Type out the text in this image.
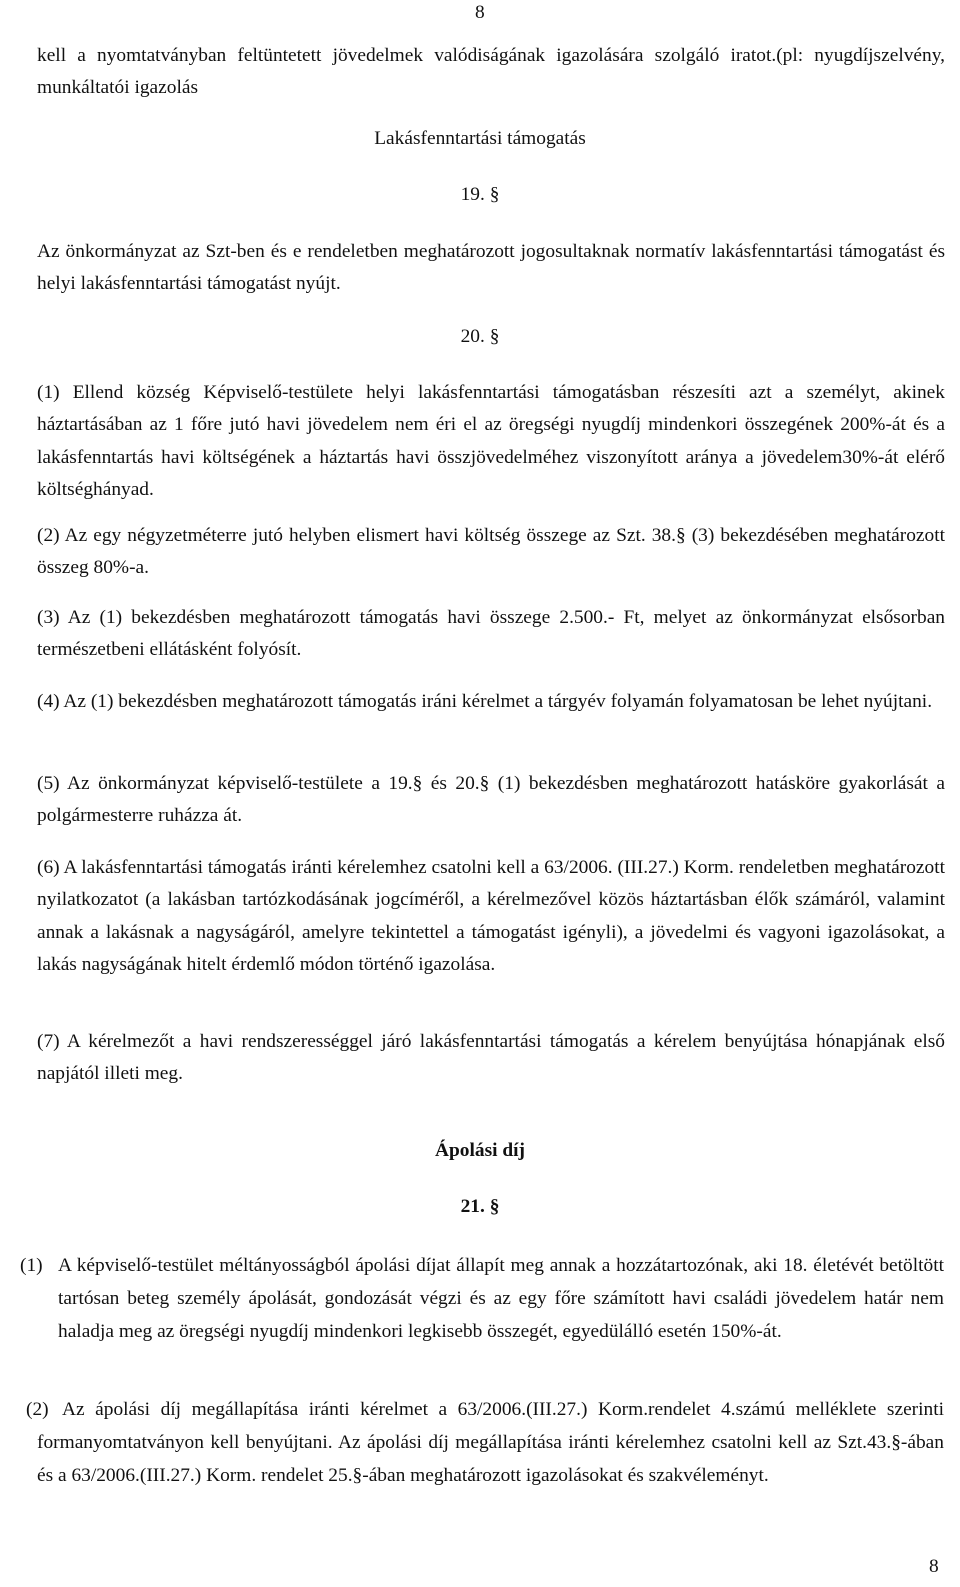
8
kell a nyomtatványban feltüntetett jövedelmek valódiságának igazolására szolgáló iratot.(pl: nyugdíjszelvény, munkáltatói igazolás
Lakásfenntartási támogatás
19. §
Az önkormányzat az Szt-ben és e rendeletben meghatározott jogosultaknak normatív lakásfenntartási támogatást és helyi lakásfenntartási támogatást nyújt.
20. §
(1) Ellend község Képviselő-testülete helyi lakásfenntartási támogatásban részesíti azt a személyt, akinek háztartásában az 1 főre jutó havi jövedelem nem éri el az öregségi nyugdíj mindenkori összegének 200%-át és a lakásfenntartás havi költségének a háztartás havi összjövedelméhez viszonyított aránya a jövedelem30%-át elérő költséghányad.
(2) Az egy négyzetméterre jutó helyben elismert havi költség összege az Szt. 38.§ (3) bekezdésében meghatározott összeg 80%-a.
(3) Az (1) bekezdésben meghatározott támogatás havi összege 2.500.- Ft, melyet az önkormányzat elsősorban természetbeni ellátásként folyósít.
(4) Az (1) bekezdésben meghatározott támogatás iráni kérelmet a tárgyév folyamán folyamatosan be lehet nyújtani.
(5) Az önkormányzat képviselő-testülete a 19.§ és 20.§ (1) bekezdésben meghatározott hatásköre gyakorlását a polgármesterre ruházza át.
(6) A lakásfenntartási támogatás iránti kérelemhez csatolni kell a 63/2006. (III.27.) Korm. rendeletben meghatározott nyilatkozatot (a lakásban tartózkodásának jogcíméről, a kérelmezővel közös háztartásban élők számáról, valamint annak a lakásnak a nagyságáról, amelyre tekintettel a támogatást igényli), a jövedelmi és vagyoni igazolásokat, a lakás nagyságának hitelt érdemlő módon történő igazolása.
(7) A kérelmezőt a havi rendszerességgel járó lakásfenntartási támogatás a kérelem benyújtása hónapjának első napjától illeti meg.
Ápolási díj
21. §
(1) A képviselő-testület méltányosságból ápolási díjat állapít meg annak a hozzátartozónak, aki 18. életévét betöltött tartósan beteg személy ápolását, gondozását végzi és az egy főre számított havi családi jövedelem határ nem haladja meg az öregségi nyugdíj mindenkori legkisebb összegét, egyedülálló esetén 150%-át.
(2) Az ápolási díj megállapítása iránti kérelmet a 63/2006.(III.27.) Korm.rendelet 4.számú melléklete szerinti formanyomtatványon kell benyújtani. Az ápolási díj megállapítása iránti kérelemhez csatolni kell az Szt.43.§-ában és a 63/2006.(III.27.) Korm. rendelet 25.§-ában meghatározott igazolásokat és szakvéleményt.
8
